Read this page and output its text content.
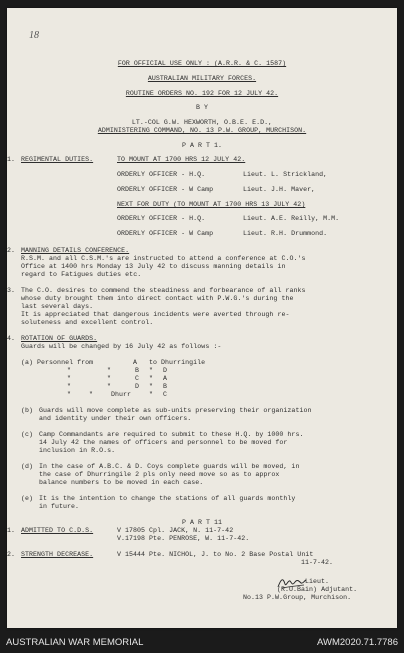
18
FOR OFFICIAL USE ONLY : (A.R.R. & C. 1587)
AUSTRALIAN MILITARY FORCES.
ROUTINE ORDERS NO. 192 FOR 12 JULY 42.
B Y
LT.-COL G.W. HEXWORTH, O.B.E. E.D.,
ADMINISTERING COMMAND, NO. 13 P.W. GROUP, MURCHISON.
P A R T 1.
1. REGIMENTAL DUTIES.	TO MOUNT AT 1700 HRS 12 JULY 42.
ORDERLY OFFICER - H.Q.	Lieut. L. Strickland,
ORDERLY OFFICER - W Camp	Lieut. J.H. Maver,
NEXT FOR DUTY (TO MOUNT AT 1700 HRS 13 JULY 42)
ORDERLY OFFICER - H.Q.	Lieut. A.E. Reilly, M.M.
ORDERLY OFFICER - W Camp	Lieut. R.H. Drummond.
2. MANNING DETAILS CONFERENCE.
R.S.M. and all C.S.M.'s are instructed to attend a conference at C.O.'s
Office at 1400 hrs Monday 13 July 42 to discuss manning details in
regard to Fatigues duties etc.
3. The C.O. desires to commend the steadiness and forbearance of all ranks
whose duty brought them into direct contact with P.W.G.'s during the
last several days.
It is appreciated that dangerous incidents were averted through re-
soluteness and excellent control.
4. ROTATION OF GUARDS.
Guards will be changed by 16 July 42 as follows :-
(a) Personnel from	A to Dhurringile
"	"	B " D
"	"	C " A
"	"	D " B
"	"	Dhurr	" C
(b) Guards will move complete as sub-units preserving their organization
and identity under their own officers.
(c) Camp Commandants are required to submit to these H.Q. by 1000 hrs.
14 July 42 the names of officers and personnel to be moved for
inclusion in R.O.s.
(d) In the case of A.B.C. & D. Coys complete guards will be moved, in
the case of Dhurringile 2 pls only need move so as to approx
balance numbers to be moved in each case.
(e) It is the intention to change the stations of all guards monthly
in future.
P A R T 11
1. ADMITTED TO C.D.S.	V 17805 Cpl. JACK, N. 11-7-42
V.17198 Pte. PENROSE, W. 11-7-42.
2. STRENGTH DECREASE.	V 15444 Pte. NICHOL, J. to No. 2 Base Postal Unit
11-7-42.
Lieut.
(R.U.Bain) Adjutant.
No.13 P.W.Group, Murchison.
AUSTRALIAN WAR MEMORIAL	AWM2020.71.7786
